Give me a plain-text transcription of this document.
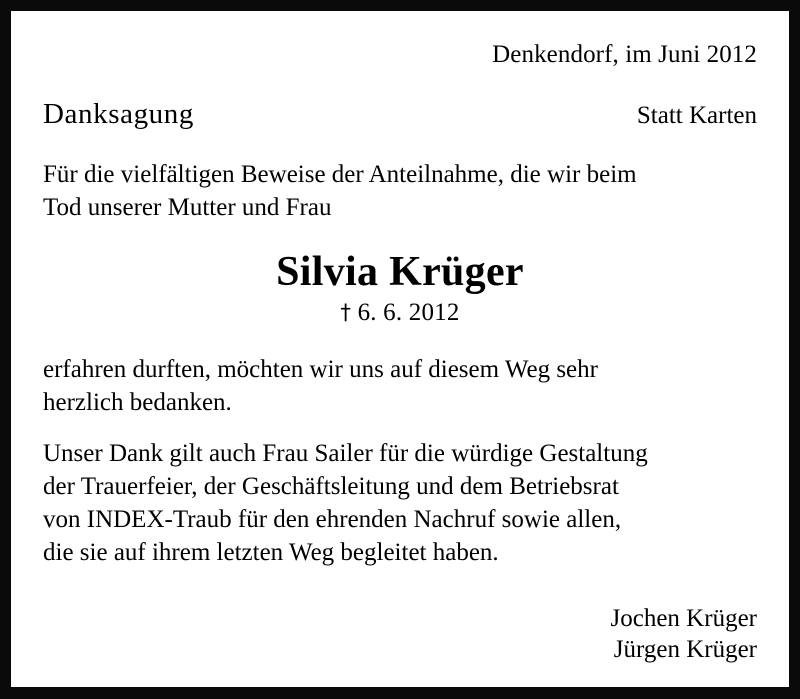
Denkendorf, im Juni 2012
Danksagung	Statt Karten
Für die vielfältigen Beweise der Anteilnahme, die wir beim
Tod unserer Mutter und Frau
Silvia Krüger
† 6. 6. 2012
erfahren durften, möchten wir uns auf diesem Weg sehr
herzlich bedanken.
Unser Dank gilt auch Frau Sailer für die würdige Gestaltung
der Trauerfeier, der Geschäftsleitung und dem Betriebsrat
von INDEX-Traub für den ehrenden Nachruf sowie allen,
die sie auf ihrem letzten Weg begleitet haben.
Jochen Krüger
Jürgen Krüger
